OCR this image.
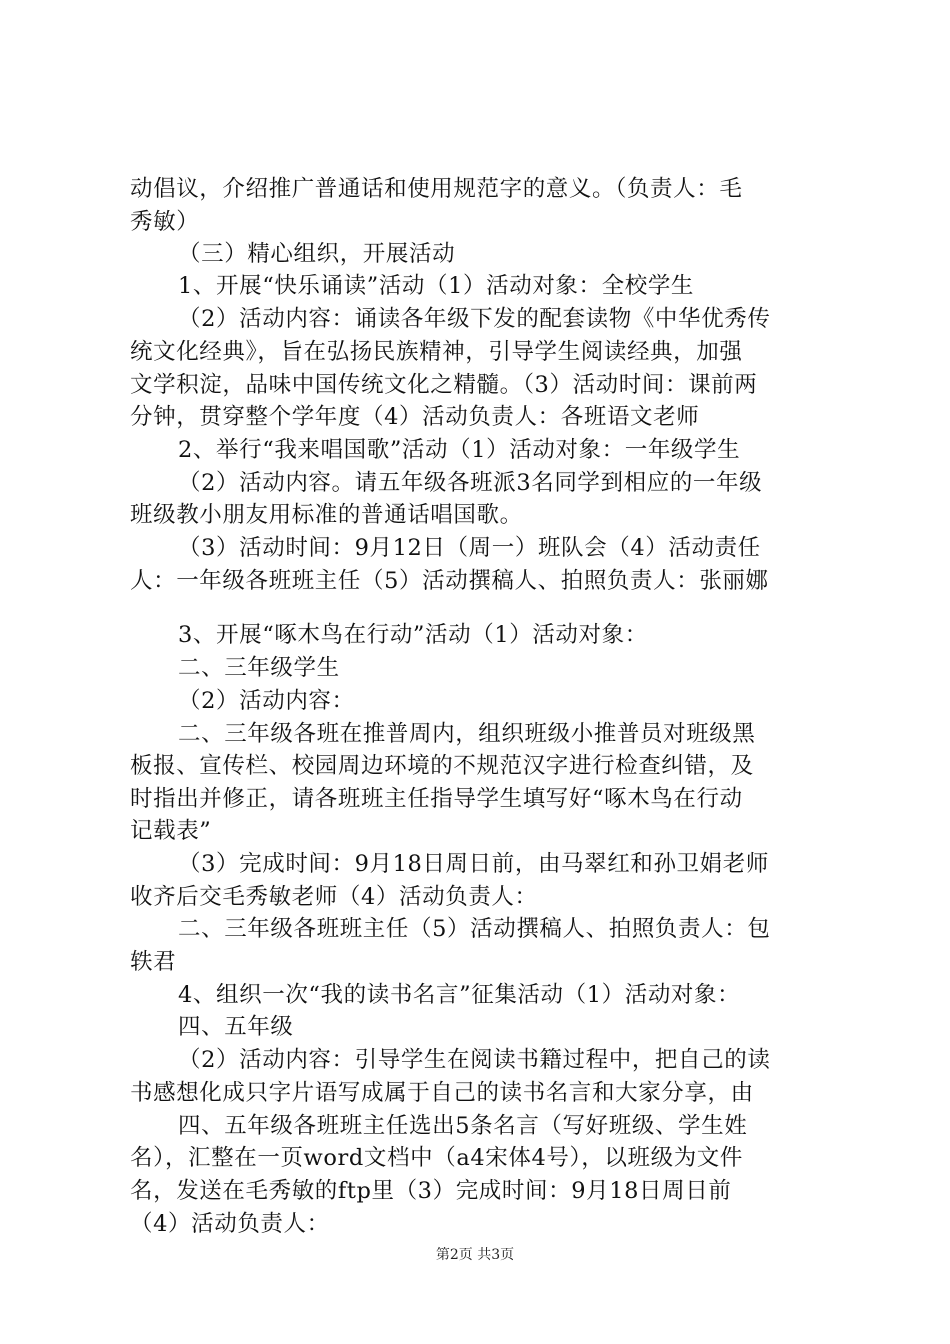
动倡议，介绍推广普通话和使用规范字的意义。（负责人：毛
秀敏）
（三）精心组织，开展活动
1、开展“快乐诵读”活动（1）活动对象：全校学生
（2）活动内容：诵读各年级下发的配套读物《中华优秀传
统文化经典》，旨在弘扬民族精神，引导学生阅读经典，加强
文学积淀，品味中国传统文化之精髓。（3）活动时间：课前两
分钟，贯穿整个学年度（4）活动负责人：各班语文老师
2、举行“我来唱国歌”活动（1）活动对象：一年级学生
（2）活动内容。请五年级各班派3名同学到相应的一年级
班级教小朋友用标准的普通话唱国歌。
（3）活动时间：9月12日（周一）班队会（4）活动责任
人：一年级各班班主任（5）活动撰稿人、拍照负责人：张丽娜
3、开展“啄木鸟在行动”活动（1）活动对象：
二、三年级学生
（2）活动内容：
二、三年级各班在推普周内，组织班级小推普员对班级黑
板报、宣传栏、校园周边环境的不规范汉字进行检查纠错，及
时指出并修正，请各班班主任指导学生填写好“啄木鸟在行动
记载表”
（3）完成时间：9月18日周日前，由马翠红和孙卫娟老师
收齐后交毛秀敏老师（4）活动负责人：
二、三年级各班班主任（5）活动撰稿人、拍照负责人：包
轶君
4、组织一次“我的读书名言”征集活动（1）活动对象：
四、五年级
（2）活动内容：引导学生在阅读书籍过程中，把自己的读
书感想化成只字片语写成属于自己的读书名言和大家分享，由
四、五年级各班班主任选出5条名言（写好班级、学生姓
名），汇整在一页word文档中（a4宋体4号），以班级为文件
名，发送在毛秀敏的ftp里（3）完成时间：9月18日周日前
（4）活动负责人：
第2页 共3页
